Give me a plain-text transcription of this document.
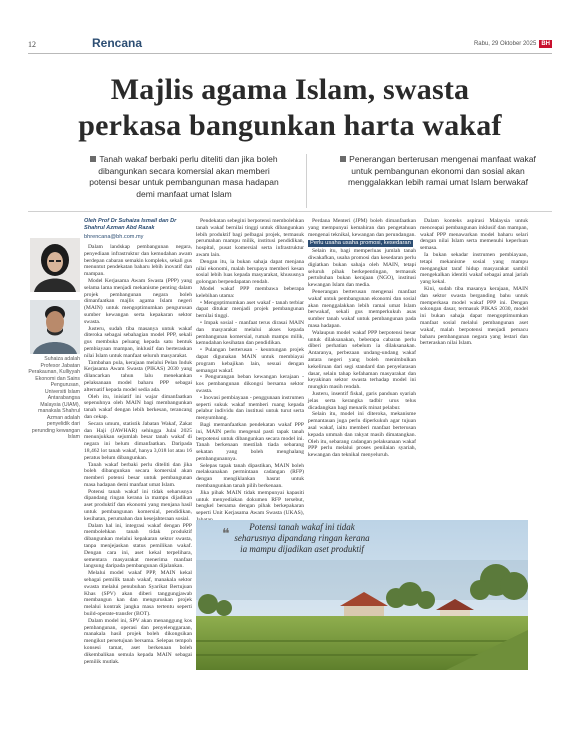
12	Rencana	Rabu, 29 Oktober 2025 BH
Majlis agama Islam, swasta
perkasa bangunkan harta wakaf
Tanah wakaf berbaki perlu diteliti dan jika boleh dibangunkan secara komersial akan memberi potensi besar untuk pembangunan masa hadapan demi manfaat umat Islam
Penerangan berterusan mengenai manfaat wakaf untuk pembangunan ekonomi dan sosial akan menggalakkan lebih ramai umat Islam berwakaf
Oleh Prof Dr Suhaiza Ismail dan Dr Shahrul Azman Abd Razak
bhrencana@bh.com.my
Suhaiza adalah Profesor Jabatan Perakaunan, Kulliyyah Ekonomi dan Sains Pengurusan, Universiti Islam Antarabangsa Malaysia (UIAM), manakala Shahrul Azman adalah penyelidik dari perunding kewangan Islam

Dalam landskap pembangunan negara, penyediaan infrastruktur dan kemudahan awam berdepan cabaran semakin kompleks, sekali gus menuntut pendekatan baharu lebih inovatif dan mampan.

Model Kerjasama Awam Swasta (PPP) yang selama lama menjadi mekanisme penting dalam projek pembangunan negara boleh dimanfaatkan majlis agama Islam negeri (MAIN) untuk mengoptimumkan pengurusan sumber kewangan serta kepakaran sektor swasta.

Justeru, sudah tiba masanya untuk wakaf diteroka sebagai sebahagian model PPP, sekali gus membuka peluang kepada satu bentuk pembiayaan mampan, inklusif dan berteraskan nilai Islam untuk manfaat seluruh masyarakat.

Tambahan pula, kerajaan melalui Pelan Induk Kerjasama Awam Swasta (PIKAS) 2030 yang dilancarkan tahun lalu menekankan pelaksanaan model baharu PPP sebagai alternatif kepada model sedia ada.

Oleh itu, inisiatif ini wajar dimanfaatkan sepenuhnya oleh MAIN bagi membangunkan tanah wakaf dengan lebih berkesan, terancang dan cekap.

Secara umum, statistik Jabatan Wakaf, Zakat dan Haji (JAWHAR) sehingga Julai 2025 menunjukkan sejumlah besar tanah wakaf di negara ini belum dimanfaatkan. Daripada 18,462 lot tanah wakaf, hanya 3,018 lot atau 16 peratus belum dibangunkan.

Tanah wakaf berbaki perlu diteliti dan jika boleh dibangunkan secara komersial akan memberi potensi besar untuk pembangunan masa hadapan demi manfaat umat Islam.

Potensi tanah wakaf ini tidak seharusnya dipandang ringan kerana ia mampu dijadikan aset produktif dan ekonomi yang menjana hasil untuk pembangunan komersial, pendidikan, kesihatan, perumahan dan kesejahteraan sosial.

Dalam hal ini, integrasi wakaf dengan PPP membolehkan tanah tidak produktif dibangunkan melalui kepakaran sektor swasta, tanpa menjejaskan status pemilikan wakaf. Dengan cara ini, aset kekal terpelihara, sementara masyarakat menerima manfaat langsung daripada pembangunan dijalankan.

Melalui model wakaf PPP, MAIN kekal sebagai pemilik tanah wakaf, manakala sektor swasta melalui penubuhan Syarikat Bertujuan Khas (SPV) akan diberi tanggungjawab membangun kan dan menguruskan projek melalui kontrak jangka masa tertentu seperti build-operate-transfer (BOT).

Dalam model ini, SPV akan menanggung kos pembangunan, operasi dan penyelenggaraan, manakala hasil projek boleh dikongsikan mengikut persetujuan bersama. Selepas tempoh konsesi tamat, aset berkenaan boleh dikembalikan semula kepada MAIN sebagai pemilik mutlak.

Pendekatan sebegini berpotensi membolehkan tanah wakaf bernilai tinggi untuk dibangunkan lebih produktif bagi pelbagai projek, termasuk perumahan mampu milik, institusi pendidikan, hospital, pusat komersial serta infrastruktur awam lain.

Dengan itu, ia bukan sahaja dapat menjana nilai ekonomi, malah berupaya memberi kesan sosial lebih luas kepada masyarakat, khususnya golongan berpendapatan rendah.

Model wakaf PPP membawa beberapa kelebihan utama:

• Mengoptimumkan aset wakaf - tanah terbiar dapat ditukar menjadi projek pembangunan bernilai tinggi.

• Impak sosial - manfaat terus dirasai MAIN dan masyarakat melalui akses kepada pembangunan komersial, rumah mampu milik, kemudahan kesihatan dan pendidikan.

• Pulangan berterusan - keuntungan projek dapat digunakan MAIN untuk membiayai program kebajikan lain, sesuai dengan semangat wakaf.

• Pengurangan beban kewangan kerajaan - kos pembangunan dikongsi bersama sektor swasta.

• Inovasi pembiayaan - penggunaan instrumen seperti sukuk wakaf memberi ruang kepada pelabur individu dan institusi untuk turut serta menyumbang.

Bagi memanfaatkan pendekatan wakaf PPP ini, MAIN perlu mengenal pasti tapak tanah berpotensi untuk dibangunkan secara model ini. Tanah berkenaan mestilah tiada sebarang sekatan yang boleh menghalang pembangunannya.

Selepas tapak tanah dipastikan, MAIN boleh melaksanakan permintaan cadangan (RFP) dengan mengiklankan hasrat untuk membangunkan tanah pilih berkenaan.

Jika pihak MAIN tidak mempunyai kapasiti untuk menyediakan dokumen RFP tersebut, bengkel bersama dengan pihak berkepakaran seperti Unit Kerjasama Awam Swasta (UKAS),

Perdana Menteri (JPM) boleh dimanfaatkan yang mempunyai kemahiran dan pengetahuan mengenai teknikal, kewangan dan perundangan.

Perlu usaha usaha promosi, kesedaran

Selain itu, bagi memperluas jumlah tanah diwakafkan, usaha promosi dan kesedaran perlu digiatkan bukan sahaja oleh MAIN, tetapi seluruh pihak berkepentingan, termasuk pertubuhan bukan kerajaan (NGO), institusi kewangan Islam dan media.

Penerangan berterusan mengenai manfaat wakaf untuk pembangunan ekonomi dan sosial akan menggalakkan lebih ramai umat Islam berwakaf, sekali gus memperkukuh asas sumber tanah wakaf untuk pembangunan pada masa hadapan.

Walaupun model wakaf PPP berpotensi besar untuk dilaksanakan, beberapa cabaran perlu diberi perhatian sebelum ia dilaksanakan. Antaranya, perbezaan undang-undang wakaf antara negeri yang boleh menimbulkan kekeliruan dari segi standard dan penyelarasan dasar, selain tahap kefahaman masyarakat dan keyakinan sektor swasta terhadap model ini mungkin masih rendah.

Justeru, insentif fiskal, garis panduan syariah jelas serta kerangka tadbir urus telus dicadangkan bagi menarik minat pelabur.

Selain itu, model ini diteroka, mekanisme pemantauan juga perlu diperkukuh agar tujuan asal wakaf, iaitu memberi manfaat berterusan kepada ummah dan rakyat masih dimatangkan. Oleh itu, sebarang cadangan pelaksanaan wakaf PPP perlu melalui proses penilaian syariah, kewangan dan teknikal menyeluruh.

Dalam konteks aspirasi Malaysia untuk menceapai pembangunan inklusif dan mampan, wakaf PPP menawarkan model baharu selari dengan nilai Islam serta memenuhi keperluan semasa.

Ia bukan sekadar instrumen pembiayaan, tetapi mekanisme sosial yang mampu mengangkat taraf hidup masyarakat sambil mengekalkan identiti wakaf sebagai amal jariah yang kekal.

Kini, sudah tiba masanya kerajaan, MAIN dan sektor swasta berganding bahu untuk memperkasa model wakaf PPP ini. Dengan sokongan dasar, termasuk PIKAS 2030, model ini bukan sahaja dapat mengoptimumkan manfaat sosial melalui pembangunan aset wakaf, malah berpotensi menjadi pemacu baharu pembangunan negara yang lestari dan berteraskan nilai Islam.

❝	Potensi tanah wakaf ini tidak seharusnya dipandang ringan kerana ia mampu dijadikan aset produktif
